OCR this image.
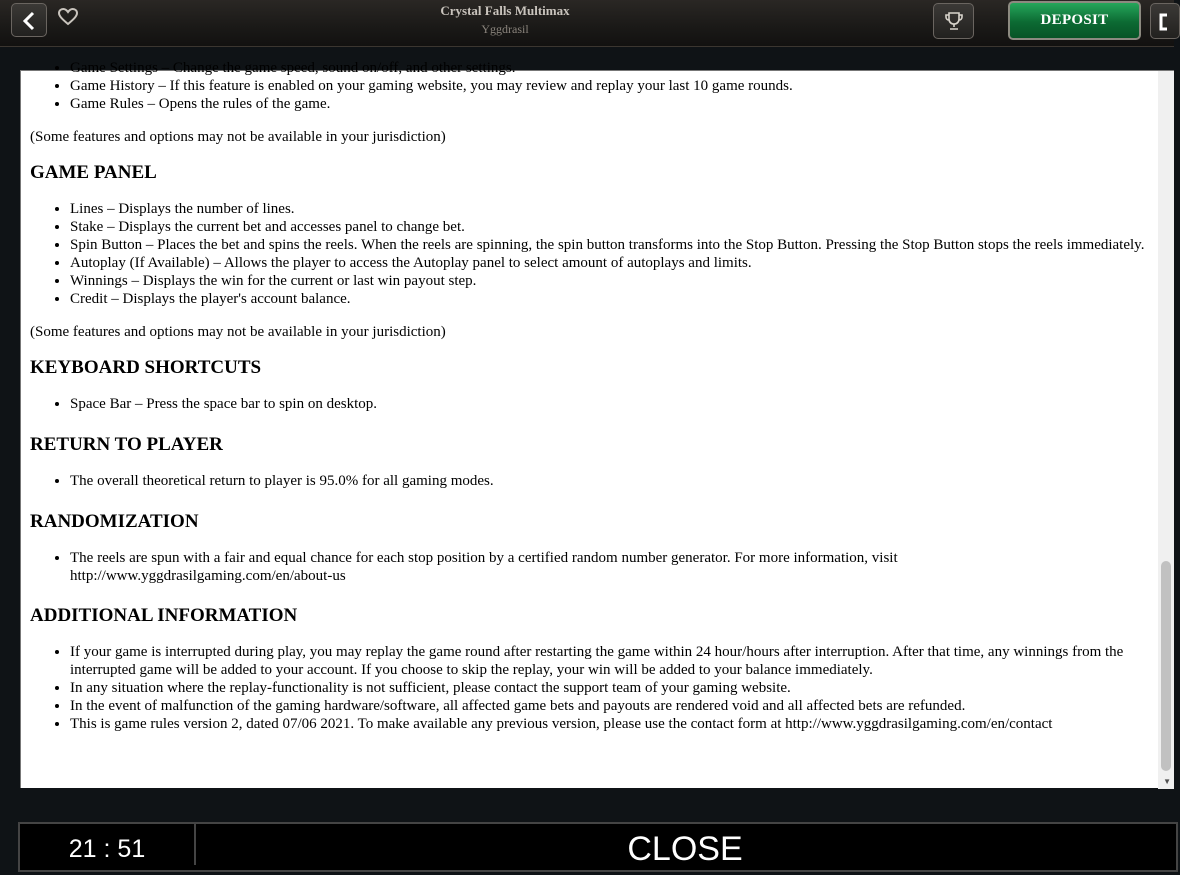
Crystal Falls Multimax
Yggdrasil
DEPOSIT
• Game Settings – Change the game speed, sound on/off, and other settings.
• Game History – If this feature is enabled on your gaming website, you may review and replay your last 10 game rounds.
• Game Rules – Opens the rules of the game.

(Some features and options may not be available in your jurisdiction)

GAME PANEL
• Lines – Displays the number of lines.
• Stake – Displays the current bet and accesses panel to change bet.
• Spin Button – Places the bet and spins the reels. When the reels are spinning, the spin button transforms into the Stop Button. Pressing the Stop Button stops the reels immediately.
• Autoplay (If Available) – Allows the player to access the Autoplay panel to select amount of autoplays and limits.
• Winnings – Displays the win for the current or last win payout step.
• Credit – Displays the player's account balance.

(Some features and options may not be available in your jurisdiction)

KEYBOARD SHORTCUTS
• Space Bar – Press the space bar to spin on desktop.
RETURN TO PLAYER
• The overall theoretical return to player is 95.0% for all gaming modes.
RANDOMIZATION
• The reels are spun with a fair and equal chance for each stop position by a certified random number generator. For more information, visit http://www.yggdrasilgaming.com/en/about-us
ADDITIONAL INFORMATION
• If your game is interrupted during play, you may replay the game round after restarting the game within 24 hour/hours after interruption. After that time, any winnings from the interrupted game will be added to your account. If you choose to skip the replay, your win will be added to your balance immediately.
• In any situation where the replay-functionality is not sufficient, please contact the support team of your gaming website.
• In the event of malfunction of the gaming hardware/software, all affected game bets and payouts are rendered void and all affected bets are refunded.
• This is game rules version 2, dated 07/06 2021. To make available any previous version, please use the contact form at http://www.yggdrasilgaming.com/en/contact
▼
21 : 51	CLOSE
